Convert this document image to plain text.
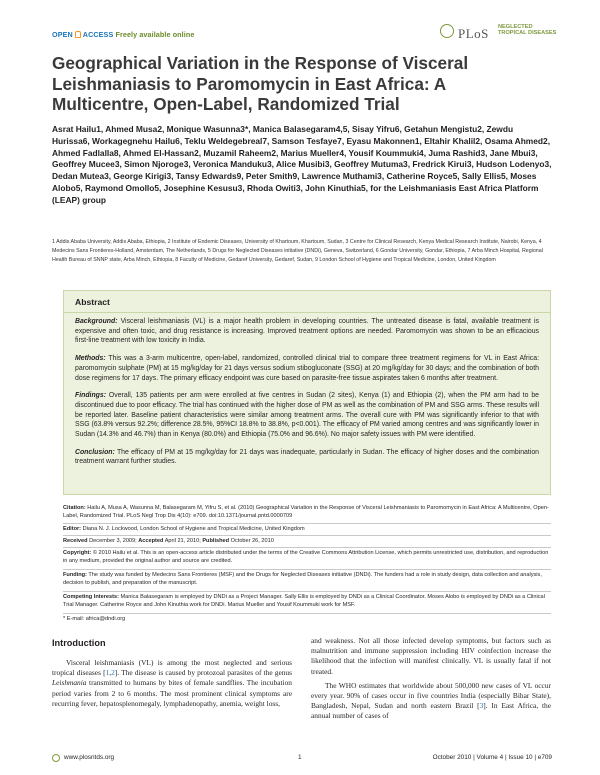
OPEN ACCESS Freely available online	PLoS NEGLECTED
TROPICAL DISEASES
Geographical Variation in the Response of Visceral Leishmaniasis to Paromomycin in East Africa: A Multicentre, Open-Label, Randomized Trial
Asrat Hailu1, Ahmed Musa2, Monique Wasunna3*, Manica Balasegaram4,5, Sisay Yifru6, Getahun Mengistu2, Zewdu Hurissa6, Workagegnehu Hailu6, Teklu Weldegebreal7, Samson Tesfaye7, Eyasu Makonnen1, Eltahir Khalil2, Osama Ahmed2, Ahmed Fadlalla8, Ahmed El-Hassan2, Muzamil Raheem2, Marius Mueller4, Yousif Koummuki4, Juma Rashid3, Jane Mbui3, Geoffrey Mucee3, Simon Njoroge3, Veronica Manduku3, Alice Musibi3, Geoffrey Mutuma3, Fredrick Kirui3, Hudson Lodenyo3, Dedan Mutea3, George Kirigi3, Tansy Edwards9, Peter Smith9, Lawrence Muthami3, Catherine Royce5, Sally Ellis5, Moses Alobo5, Raymond Omollo5, Josephine Kesusu3, Rhoda Owiti3, John Kinuthia5, for the Leishmaniasis East Africa Platform (LEAP) group
1 Addis Ababa University, Addis Ababa, Ethiopia, 2 Institute of Endemic Diseases, University of Khartoum, Khartoum, Sudan, 3 Centre for Clinical Research, Kenya Medical Research Institute, Nairobi, Kenya, 4 Medecins Sans Frontieres-Holland, Amsterdam, The Netherlands, 5 Drugs for Neglected Diseases initiative (DNDi), Geneva, Switzerland, 6 Gondar University, Gondar, Ethiopia, 7 Arba Minch Hospital, Regional Health Bureau of SNNP state, Arba Minch, Ethiopia, 8 Faculty of Medicine, Gedaref University, Gedaref, Sudan, 9 London School of Hygiene and Tropical Medicine, London, United Kingdom
Abstract

Background: Visceral leishmaniasis (VL) is a major health problem in developing countries. The untreated disease is fatal, available treatment is expensive and often toxic, and drug resistance is increasing. Improved treatment options are needed. Paromomycin was shown to be an efficacious first-line treatment with low toxicity in India.

Methods: This was a 3-arm multicentre, open-label, randomized, controlled clinical trial to compare three treatment regimens for VL in East Africa: paromomycin sulphate (PM) at 15 mg/kg/day for 21 days versus sodium stibogluconate (SSG) at 20 mg/kg/day for 30 days; and the combination of both dose regimens for 17 days. The primary efficacy endpoint was cure based on parasite-free tissue aspirates taken 6 months after treatment.

Findings: Overall, 135 patients per arm were enrolled at five centres in Sudan (2 sites), Kenya (1) and Ethiopia (2), when the PM arm had to be discontinued due to poor efficacy. The trial has continued with the higher dose of PM as well as the combination of PM and SSG arms. These results will be reported later. Baseline patient characteristics were similar among treatment arms. The overall cure with PM was significantly inferior to that with SSG (63.8% versus 92.2%; difference 28.5%, 95%CI 18.8% to 38.8%, p<0.001). The efficacy of PM varied among centres and was significantly lower in Sudan (14.3% and 46.7%) than in Kenya (80.0%) and Ethiopia (75.0% and 96.6%). No major safety issues with PM were identified.

Conclusion: The efficacy of PM at 15 mg/kg/day for 21 days was inadequate, particularly in Sudan. The efficacy of higher doses and the combination treatment warrant further studies.

Citation: Hailu A, Musa A, Wasunna M, Balasegaram M, Yifru S, et al. (2010) Geographical Variation in the Response of Visceral Leishmaniasis to Paromomycin in East Africa: A Multicentre, Open-Label, Randomized Trial. PLoS Negl Trop Dis 4(10): e709. doi:10.1371/journal.pntd.0000709
Editor: Diana N. J. Lockwood, London School of Hygiene and Tropical Medicine, United Kingdom
Received December 3, 2009; Accepted April 21, 2010; Published October 26, 2010
Copyright: © 2010 Hailu et al. This is an open-access article distributed under the terms of the Creative Commons Attribution License, which permits unrestricted use, distribution, and reproduction in any medium, provided the original author and source are credited.
Funding: The study was funded by Medecins Sans Frontieres (MSF) and the Drugs for Neglected Diseases initiative (DNDi). The funders had a role in study design, data collection and analysis, decision to publish, and preparation of the manuscript.
Competing Interests: Manica Balasegaram is employed by DNDi as a Project Manager. Sally Ellis is employed by DNDi as a Clinical Coordinator. Moses Alobo is employed by DNDi as a Clinical Trial Manager. Catherine Royce and John Kinuthia work for DNDi. Marius Mueller and Yousif Koummuki work for MSF.
* E-mail: africa@dndi.org
Introduction
Visceral leishmaniasis (VL) is among the most neglected and serious tropical diseases [1,2]. The disease is caused by protozoal parasites of the genus Leishmania transmitted to humans by bites of female sandflies. The incubation period varies from 2 to 6 months. The most prominent clinical symptoms are recurring fever, hepatosplenomegaly, lymphadenopathy, anemia, weight loss,
and weakness. Not all those infected develop symptoms, but factors such as malnutrition and immune suppression including HIV coinfection increase the likelihood that the infection will manifest clinically. VL is usually fatal if not treated.
The WHO estimates that worldwide about 500,000 new cases of VL occur every year. 90% of cases occur in five countries India (especially Bihar State), Bangladesh, Nepal, Sudan and north eastern Brazil [3]. In East Africa, the annual number of cases of
www.plosntds.org	1	October 2010 | Volume 4 | Issue 10 | e709
